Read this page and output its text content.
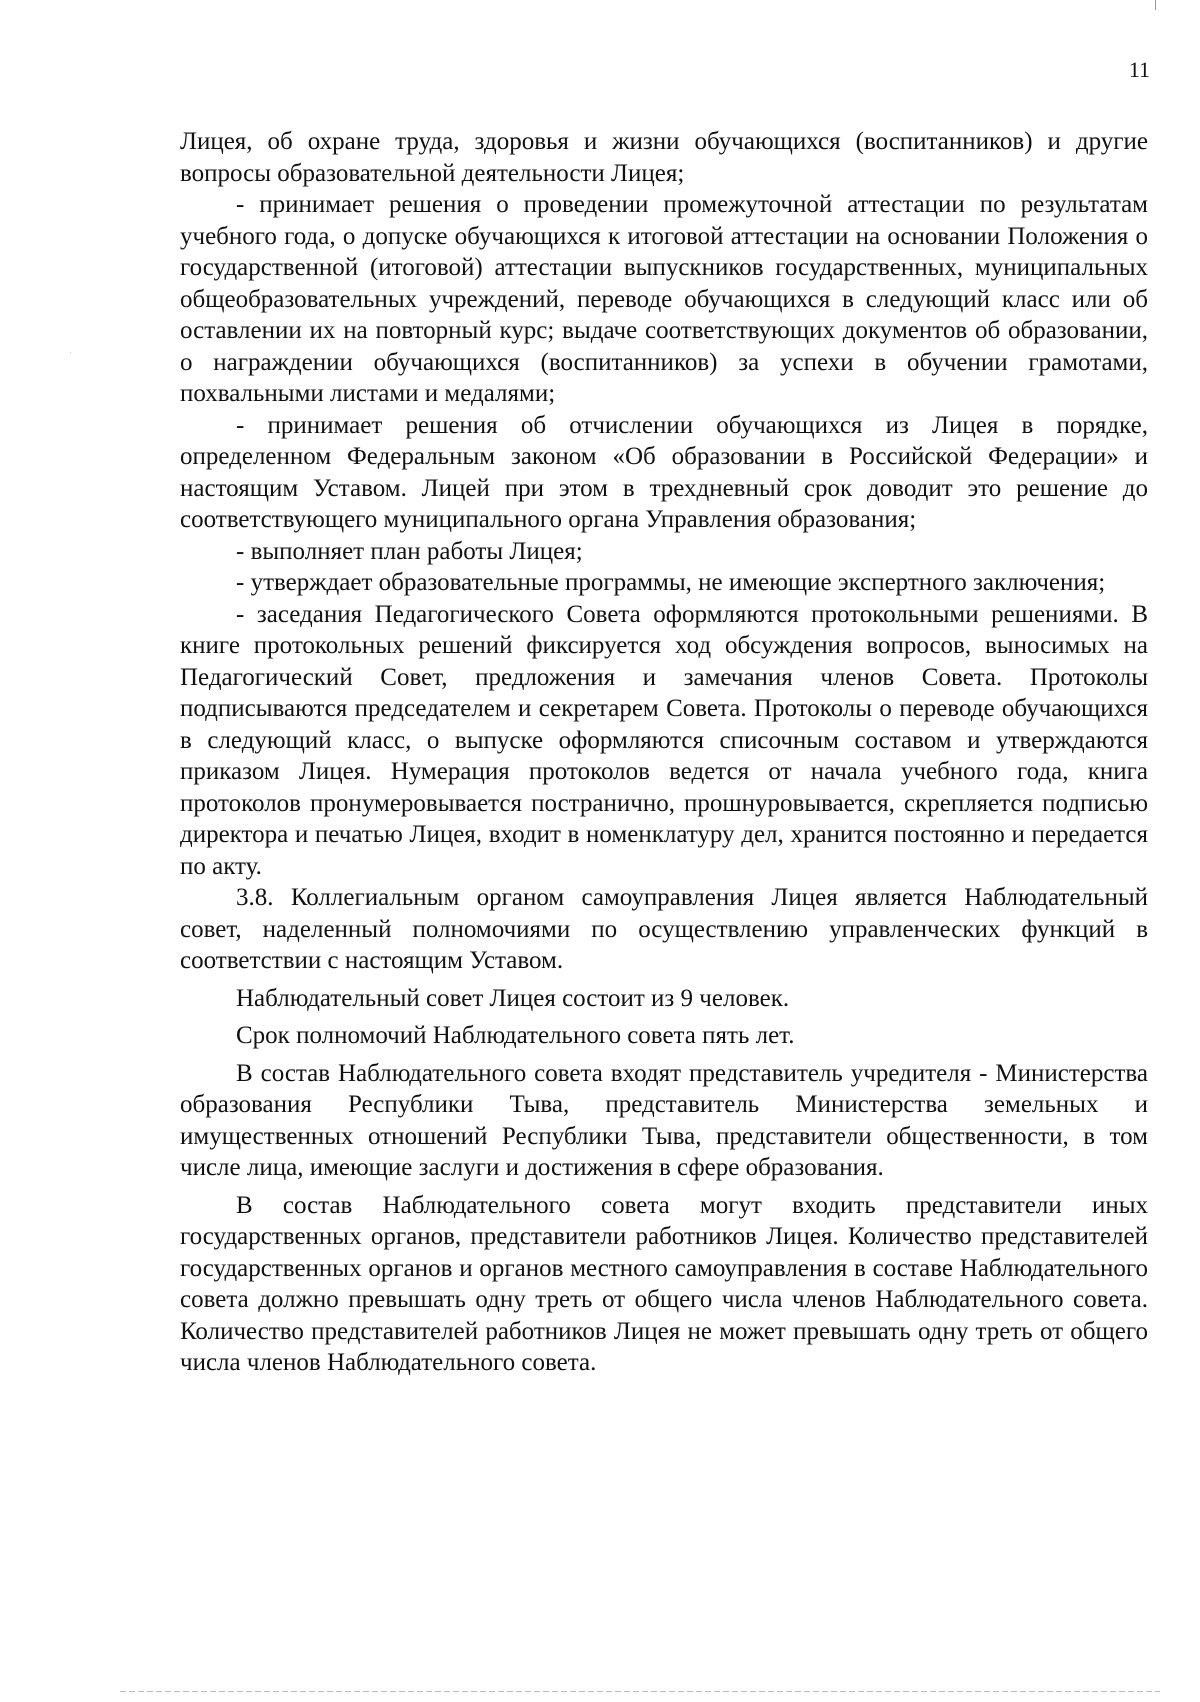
11

Лицея, об охране труда, здоровья и жизни обучающихся (воспитанников) и другие вопросы образовательной деятельности Лицея;

- принимает решения о проведении промежуточной аттестации по результатам учебного года, о допуске обучающихся к итоговой аттестации на основании Положения о государственной (итоговой) аттестации выпускников государственных, муниципальных общеобразовательных учреждений, переводе обучающихся в следующий класс или об оставлении их на повторный курс; выдаче соответствующих документов об образовании, о награждении обучающихся (воспитанников) за успехи в обучении грамотами, похвальными листами и медалями;

- принимает решения об отчислении обучающихся из Лицея в порядке, определенном Федеральным законом «Об образовании в Российской Федерации» и настоящим Уставом. Лицей при этом в трехдневный срок доводит это решение до соответствующего муниципального органа Управления образования;

- выполняет план работы Лицея;

- утверждает образовательные программы, не имеющие экспертного заключения;

- заседания Педагогического Совета оформляются протокольными решениями. В книге протокольных решений фиксируется ход обсуждения вопросов, выносимых на Педагогический Совет, предложения и замечания членов Совета. Протоколы подписываются председателем и секретарем Совета. Протоколы о переводе обучающихся в следующий класс, о выпуске оформляются списочным составом и утверждаются приказом Лицея. Нумерация протоколов ведется от начала учебного года, книга протоколов пронумеровывается постранично, прошнуровывается, скрепляется подписью директора и печатью Лицея, входит в номенклатуру дел, хранится постоянно и передается по акту.

3.8. Коллегиальным органом самоуправления Лицея является Наблюдательный совет, наделенный полномочиями по осуществлению управленческих функций в соответствии с настоящим Уставом.

Наблюдательный совет Лицея состоит из 9 человек.

Срок полномочий Наблюдательного совета пять лет.

В состав Наблюдательного совета входят представитель учредителя - Министерства образования Республики Тыва, представитель Министерства земельных и имущественных отношений Республики Тыва, представители общественности, в том числе лица, имеющие заслуги и достижения в сфере образования.

В состав Наблюдательного совета могут входить представители иных государственных органов, представители работников Лицея. Количество представителей государственных органов и органов местного самоуправления в составе Наблюдательного совета должно превышать одну треть от общего числа членов Наблюдательного совета. Количество представителей работников Лицея не может превышать одну треть от общего числа членов Наблюдательного совета.
